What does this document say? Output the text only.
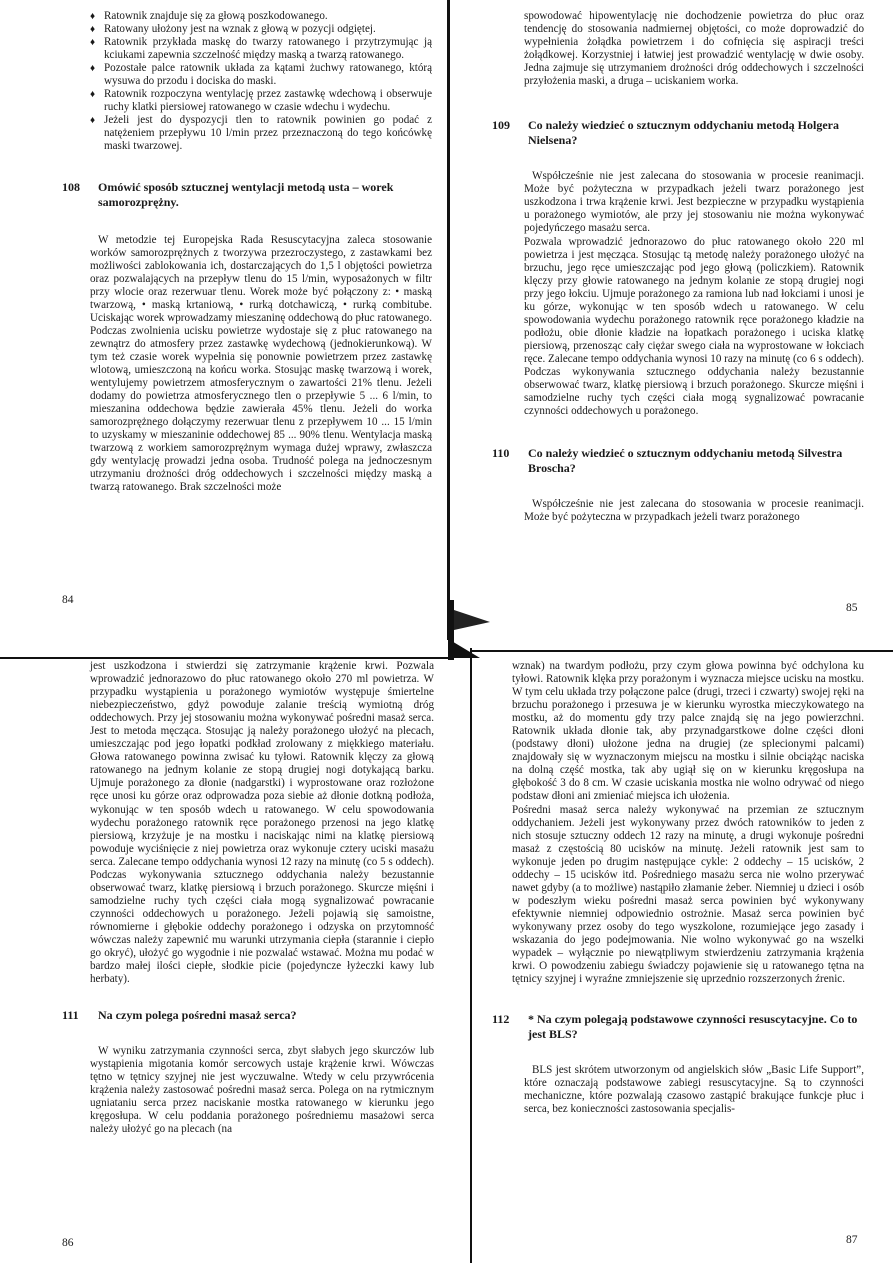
♦ Ratownik znajduje się za głową poszkodowanego.
♦ Ratowany ułożony jest na wznak z głową w pozycji odgiętej.
♦ Ratownik przykłada maskę do twarzy ratowanego i przytrzymując ją kciukami zapewnia szczelność między maską a twarzą ratowanego.
♦ Pozostałe palce ratownik układa za kątami żuchwy ratowanego, którą wysuwa do przodu i dociska do maski.
♦ Ratownik rozpoczyna wentylację przez zastawkę wdechową i obserwuje ruchy klatki piersiowej ratowanego w czasie wdechu i wydechu.
♦ Jeżeli jest do dyspozycji tlen to ratownik powinien go podać z natężeniem przepływu 10 l/min przez przeznaczoną do tego końcówkę maski twarzowej.
108	Omówić sposób sztucznej wentylacji metodą usta – worek samorozprężny.

W metodzie tej Europejska Rada Resuscytacyjna zaleca stosowanie worków samorozprężnych z tworzywa przezroczystego, z zastawkami bez możliwości zablokowania ich, dostarczających do 1,5 l objętości powietrza oraz pozwalających na przepływ tlenu do 15 l/min, wyposażonych w filtr przy wlocie oraz rezerwuar tlenu. Worek może być połączony z: • maską twarzową, • maską krtaniową, • rurką dotchawiczą, • rurką combitube. Uciskając worek wprowadzamy mieszaninę oddechową do płuc ratowanego. Podczas zwolnienia ucisku powietrze wydostaje się z płuc ratowanego na zewnątrz do atmosfery przez zastawkę wydechową (jednokierunkową). W tym też czasie worek wypełnia się ponownie powietrzem przez zastawkę wlotową, umieszczoną na końcu worka. Stosując maskę twarzową i worek, wentylujemy powietrzem atmosferycznym o zawartości 21% tlenu. Jeżeli dodamy do powietrza atmosferycznego tlen o przepływie 5 ... 6 l/min, to mieszanina oddechowa będzie zawierała 45% tlenu. Jeżeli do worka samorozprężnego dołączymy rezerwuar tlenu z przepływem 10 ... 15 l/min to uzyskamy w mieszaninie oddechowej 85 ... 90% tlenu. Wentylacja maską twarzową z workiem samorozprężnym wymaga dużej wprawy, zwłaszcza gdy wentylację prowadzi jedna osoba. Trudność polega na jednoczesnym utrzymaniu drożności dróg oddechowych i szczelności między maską a twarzą ratowanego. Brak szczelności może

84

spowodować hipowentylację nie dochodzenie powietrza do płuc oraz tendencję do stosowania nadmiernej objętości, co może doprowadzić do wypełnienia żołądka powietrzem i do cofnięcia się aspiracji treści żołądkowej. Korzystniej i łatwiej jest prowadzić wentylację w dwie osoby. Jedna zajmuje się utrzymaniem drożności dróg oddechowych i szczelności przyłożenia maski, a druga – uciskaniem worka.

109	Co należy wiedzieć o sztucznym oddychaniu metodą Holgera Nielsena?

Współcześnie nie jest zalecana do stosowania w procesie reanimacji. Może być pożyteczna w przypadkach jeżeli twarz porażonego jest uszkodzona i trwa krążenie krwi. Jest bezpieczne w przypadku wystąpienia u porażonego wymiotów, ale przy jej stosowaniu nie można wykonywać pojedyńczego masażu serca.

Pozwala wprowadzić jednorazowo do płuc ratowanego około 220 ml powietrza i jest męcząca. Stosując tą metodę należy porażonego ułożyć na brzuchu, jego ręce umieszczając pod jego głową (policzkiem). Ratownik klęczy przy głowie ratowanego na jednym kolanie ze stopą drugiej nogi przy jego łokciu. Ujmuje porażonego za ramiona lub nad łokciami i unosi je ku górze, wykonując w ten sposób wdech u ratowanego. W celu spowodowania wydechu porażonego ratownik ręce porażonego kładzie na podłożu, obie dłonie kładzie na łopatkach porażonego i uciska klatkę piersiową, przenosząc cały ciężar swego ciała na wyprostowane w łokciach ręce. Zalecane tempo oddychania wynosi 10 razy na minutę (co 6 s oddech). Podczas wykonywania sztucznego oddychania należy bezustannie obserwować twarz, klatkę piersiową i brzuch porażonego. Skurcze mięśni i samodzielne ruchy tych części ciała mogą sygnalizować powracanie czynności oddechowych u porażonego.

110	Co należy wiedzieć o sztucznym oddychaniu metodą Silvestra Broscha?

Współcześnie nie jest zalecana do stosowania w procesie reanimacji. Może być pożyteczna w przypadkach jeżeli twarz porażonego

85

jest uszkodzona i stwierdzi się zatrzymanie krążenie krwi. Pozwala wprowadzić jednorazowo do płuc ratowanego około 270 ml powietrza. W przypadku wystąpienia u porażonego wymiotów występuje śmiertelne niebezpieczeństwo, gdyż powoduje zalanie treścią wymiotną dróg oddechowych. Przy jej stosowaniu można wykonywać pośredni masaż serca. Jest to metoda męcząca. Stosując ją należy porażonego ułożyć na plecach, umieszczając pod jego łopatki podkład zrolowany z miękkiego materiału. Głowa ratowanego powinna zwisać ku tyłowi. Ratownik klęczy za głową ratowanego na jednym kolanie ze stopą drugiej nogi dotykającą barku. Ujmuje porażonego za dłonie (nadgarstki) i wyprostowane oraz rozłożone ręce unosi ku górze oraz odprowadza poza siebie aż dłonie dotkną podłoża, wykonując w ten sposób wdech u ratowanego. W celu spowodowania wydechu porażonego ratownik ręce porażonego przenosi na jego klatkę piersiową, krzyżuje je na mostku i naciskając nimi na klatkę piersiową powoduje wyciśnięcie z niej powietrza oraz wykonuje cztery uciski masażu serca. Zalecane tempo oddychania wynosi 12 razy na minutę (co 5 s oddech). Podczas wykonywania sztucznego oddychania należy bezustannie obserwować twarz, klatkę piersiową i brzuch porażonego. Skurcze mięśni i samodzielne ruchy tych części ciała mogą sygnalizować powracanie czynności oddechowych u porażonego. Jeżeli pojawią się samoistne, równomierne i głębokie oddechy porażonego i odzyska on przytomność wówczas należy zapewnić mu warunki utrzymania ciepła (starannie i ciepło go okryć), ułożyć go wygodnie i nie pozwalać wstawać. Można mu podać w bardzo małej ilości ciepłe, słodkie picie (pojedyncze łyżeczki kawy lub herbaty).

111	Na czym polega pośredni masaż serca?

W wyniku zatrzymania czynności serca, zbyt słabych jego skurczów lub wystąpienia migotania komór sercowych ustaje krążenie krwi. Wówczas tętno w tętnicy szyjnej nie jest wyczuwalne. Wtedy w celu przywrócenia krążenia należy zastosować pośredni masaż serca. Polega on na rytmicznym ugniataniu serca przez naciskanie mostka ratowanego w kierunku jego kręgosłupa. W celu poddania porażonego pośredniemu masażowi serca należy ułożyć go na plecach (na

86

wznak) na twardym podłożu, przy czym głowa powinna być odchylona ku tyłowi. Ratownik klęka przy porażonym i wyznacza miejsce ucisku na mostku. W tym celu układa trzy połączone palce (drugi, trzeci i czwarty) swojej ręki na brzuchu porażonego i przesuwa je w kierunku wyrostka mieczykowatego na mostku, aż do momentu gdy trzy palce znajdą się na jego powierzchni. Ratownik układa dłonie tak, aby przynadgarstkowe dolne części dłoni (podstawy dłoni) ułożone jedna na drugiej (ze splecionymi palcami) znajdowały się w wyznaczonym miejscu na mostku i silnie obciążąc naciska na dolną część mostka, tak aby ugiął się on w kierunku kręgosłupa na głębokość 3 do 8 cm. W czasie uciskania mostka nie wolno odrywać od niego podstaw dłoni ani zmieniać miejsca ich ułożenia.

Pośredni masaż serca należy wykonywać na przemian ze sztucznym oddychaniem. Jeżeli jest wykonywany przez dwóch ratowników to jeden z nich stosuje sztuczny oddech 12 razy na minutę, a drugi wykonuje pośredni masaż z częstością 80 ucisków na minutę. Jeżeli ratownik jest sam to wykonuje jeden po drugim następujące cykle: 2 oddechy – 15 ucisków, 2 oddechy – 15 ucisków itd. Pośredniego masażu serca nie wolno przerywać nawet gdyby (a to możliwe) nastąpiło złamanie żeber. Niemniej u dzieci i osób w podeszłym wieku pośredni masaż serca powinien być wykonywany efektywnie niemniej odpowiednio ostrożnie. Masaż serca powinien być wykonywany przez osoby do tego wyszkolone, rozumiejące jego zasady i wskazania do jego podejmowania. Nie wolno wykonywać go na wszelki wypadek – wyłącznie po niewątpliwym stwierdzeniu zatrzymania krążenia krwi. O powodzeniu zabiegu świadczy pojawienie się u ratowanego tętna na tętnicy szyjnej i wyraźne zmniejszenie się uprzednio rozszerzonych źrenic.

112	* Na czym polegają podstawowe czynności resuscytacyjne. Co to jest BLS?

BLS jest skrótem utworzonym od angielskich słów „Basic Life Support”, które oznaczają podstawowe zabiegi resuscytacyjne. Są to czynności mechaniczne, które pozwalają czasowo zastąpić brakujące funkcje płuc i serca, bez konieczności zastosowania specjalis-

87
